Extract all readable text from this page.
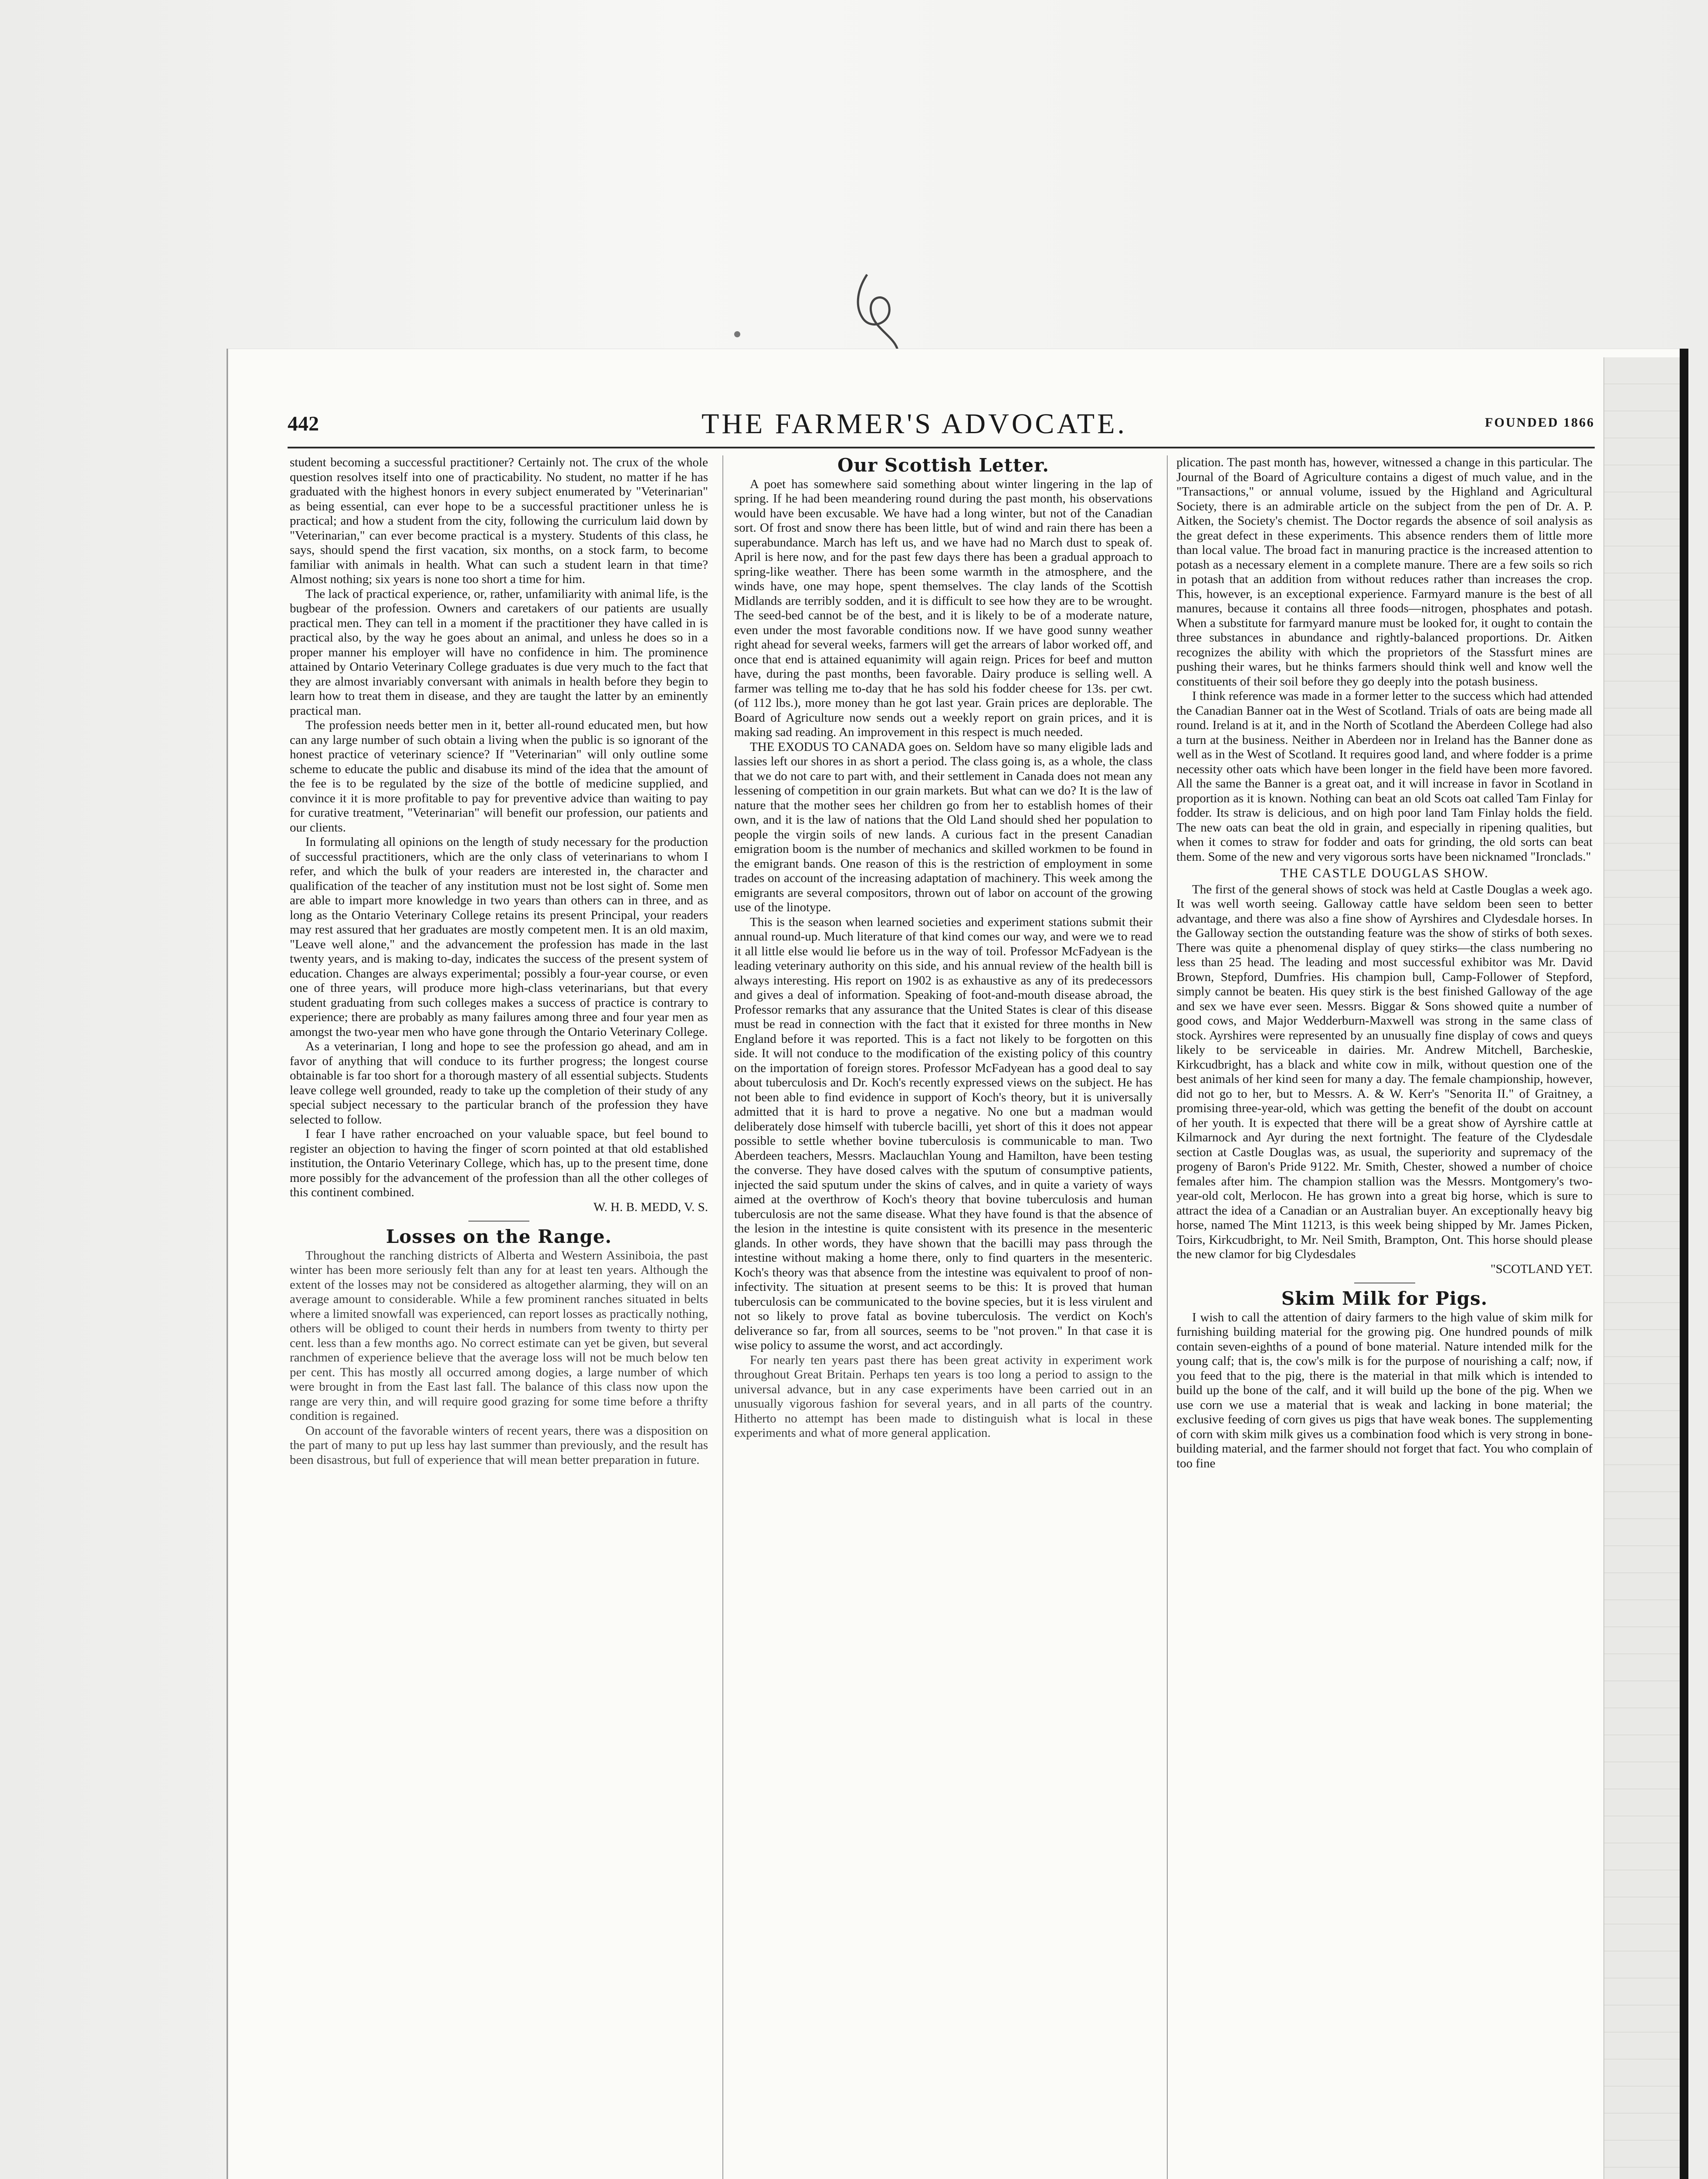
442	THE FARMER'S ADVOCATE.	FOUNDED 1866

student becoming a successful practitioner? Certainly not. The crux of the whole question resolves itself into one of practicability. No student, no matter if he has graduated with the highest honors in every subject enumerated by "Veterinarian" as being essential, can ever hope to be a successful practitioner unless he is practical; and how a student from the city, following the curriculum laid down by "Veterinarian," can ever become practical is a mystery. Students of this class, he says, should spend the first vacation, six months, on a stock farm, to become familiar with animals in health. What can such a student learn in that time? Almost nothing; six years is none too short a time for him.

The lack of practical experience, or, rather, unfamiliarity with animal life, is the bugbear of the profession. Owners and caretakers of our patients are usually practical men. They can tell in a moment if the practitioner they have called in is practical also, by the way he goes about an animal, and unless he does so in a proper manner his employer will have no confidence in him. The prominence attained by Ontario Veterinary College graduates is due very much to the fact that they are almost invariably conversant with animals in health before they begin to learn how to treat them in disease, and they are taught the latter by an eminently practical man.

The profession needs better men in it, better all-round educated men, but how can any large number of such obtain a living when the public is so ignorant of the honest practice of veterinary science? If "Veterinarian" will only outline some scheme to educate the public and disabuse its mind of the idea that the amount of the fee is to be regulated by the size of the bottle of medicine supplied, and convince it it is more profitable to pay for preventive advice than waiting to pay for curative treatment, "Veterinarian" will benefit our profession, our patients and our clients.

In formulating all opinions on the length of study necessary for the production of successful practitioners, which are the only class of veterinarians to whom I refer, and which the bulk of your readers are interested in, the character and qualification of the teacher of any institution must not be lost sight of. Some men are able to impart more knowledge in two years than others can in three, and as long as the Ontario Veterinary College retains its present Principal, your readers may rest assured that her graduates are mostly competent men. It is an old maxim, "Leave well alone," and the advancement the profession has made in the last twenty years, and is making to-day, indicates the success of the present system of education. Changes are always experimental; possibly a four-year course, or even one of three years, will produce more high-class veterinarians, but that every student graduating from such colleges makes a success of practice is contrary to experience; there are probably as many failures among three and four year men as amongst the two-year men who have gone through the Ontario Veterinary College.

As a veterinarian, I long and hope to see the profession go ahead, and am in favor of anything that will conduce to its further progress; the longest course obtainable is far too short for a thorough mastery of all essential subjects. Students leave college well grounded, ready to take up the completion of their study of any special subject necessary to the particular branch of the profession they have selected to follow.

I fear I have rather encroached on your valuable space, but feel bound to register an objection to having the finger of scorn pointed at that old established institution, the Ontario Veterinary College, which has, up to the present time, done more possibly for the advancement of the profession than all the other colleges of this continent combined.

W. H. B. MEDD, V. S.

Losses on the Range.

Throughout the ranching districts of Alberta and Western Assiniboia, the past winter has been more seriously felt than any for at least ten years. Although the extent of the losses may not be considered as altogether alarming, they will on an average amount to considerable. While a few prominent ranches situated in belts where a limited snowfall was experienced, can report losses as practically nothing, others will be obliged to count their herds in numbers from twenty to thirty per cent. less than a few months ago. No correct estimate can yet be given, but several ranchmen of experience believe that the average loss will not be much below ten per cent. This has mostly all occurred among dogies, a large number of which were brought in from the East last fall. The balance of this class now upon the range are very thin, and will require good grazing for some time before a thrifty condition is regained.

On account of the favorable winters of recent years, there was a disposition on the part of many to put up less hay last summer than previously, and the result has been disastrous, but full of experience that will mean better preparation in future.

Our Scottish Letter.

A poet has somewhere said something about winter lingering in the lap of spring. If he had been meandering round during the past month, his observations would have been excusable. We have had a long winter, but not of the Canadian sort. Of frost and snow there has been little, but of wind and rain there has been a superabundance. March has left us, and we have had no March dust to speak of. April is here now, and for the past few days there has been a gradual approach to spring-like weather. There has been some warmth in the atmosphere, and the winds have, one may hope, spent themselves. The clay lands of the Scottish Midlands are terribly sodden, and it is difficult to see how they are to be wrought. The seed-bed cannot be of the best, and it is likely to be of a moderate nature, even under the most favorable conditions now. If we have good sunny weather right ahead for several weeks, farmers will get the arrears of labor worked off, and once that end is attained equanimity will again reign. Prices for beef and mutton have, during the past months, been favorable. Dairy produce is selling well. A farmer was telling me to-day that he has sold his fodder cheese for 13s. per cwt. (of 112 lbs.), more money than he got last year. Grain prices are deplorable. The Board of Agriculture now sends out a weekly report on grain prices, and it is making sad reading. An improvement in this respect is much needed.

THE EXODUS TO CANADA goes on. Seldom have so many eligible lads and lassies left our shores in as short a period. The class going is, as a whole, the class that we do not care to part with, and their settlement in Canada does not mean any lessening of competition in our grain markets. But what can we do? It is the law of nature that the mother sees her children go from her to establish homes of their own, and it is the law of nations that the Old Land should shed her population to people the virgin soils of new lands. A curious fact in the present Canadian emigration boom is the number of mechanics and skilled workmen to be found in the emigrant bands. One reason of this is the restriction of employment in some trades on account of the increasing adaptation of machinery. This week among the emigrants are several compositors, thrown out of labor on account of the growing use of the linotype.

This is the season when learned societies and experiment stations submit their annual round-up. Much literature of that kind comes our way, and were we to read it all little else would lie before us in the way of toil. Professor McFadyean is the leading veterinary authority on this side, and his annual review of the health bill is always interesting. His report on 1902 is as exhaustive as any of its predecessors and gives a deal of information. Speaking of foot-and-mouth disease abroad, the Professor remarks that any assurance that the United States is clear of this disease must be read in connection with the fact that it existed for three months in New England before it was reported. This is a fact not likely to be forgotten on this side. It will not conduce to the modification of the existing policy of this country on the importation of foreign stores. Professor McFadyean has a good deal to say about tuberculosis and Dr. Koch's recently expressed views on the subject. He has not been able to find evidence in support of Koch's theory, but it is universally admitted that it is hard to prove a negative. No one but a madman would deliberately dose himself with tubercle bacilli, yet short of this it does not appear possible to settle whether bovine tuberculosis is communicable to man. Two Aberdeen teachers, Messrs. Maclauchlan Young and Hamilton, have been testing the converse. They have dosed calves with the sputum of consumptive patients, injected the said sputum under the skins of calves, and in quite a variety of ways aimed at the overthrow of Koch's theory that bovine tuberculosis and human tuberculosis are not the same disease. What they have found is that the absence of the lesion in the intestine is quite consistent with its presence in the mesenteric glands. In other words, they have shown that the bacilli may pass through the intestine without making a home there, only to find quarters in the mesenteric. Koch's theory was that absence from the intestine was equivalent to proof of non-infectivity. The situation at present seems to be this: It is proved that human tuberculosis can be communicated to the bovine species, but it is less virulent and not so likely to prove fatal as bovine tuberculosis. The verdict on Koch's deliverance so far, from all sources, seems to be "not proven." In that case it is wise policy to assume the worst, and act accordingly.

For nearly ten years past there has been great activity in experiment work throughout Great Britain. Perhaps ten years is too long a period to assign to the universal advance, but in any case experiments have been carried out in an unusually vigorous fashion for several years, and in all parts of the country. Hitherto no attempt has been made to distinguish what is local in these experiments and what of more general application.

plication. The past month has, however, witnessed a change in this particular. The Journal of the Board of Agriculture contains a digest of much value, and in the "Transactions," or annual volume, issued by the Highland and Agricultural Society, there is an admirable article on the subject from the pen of Dr. A. P. Aitken, the Society's chemist. The Doctor regards the absence of soil analysis as the great defect in these experiments. This absence renders them of little more than local value. The broad fact in manuring practice is the increased attention to potash as a necessary element in a complete manure. There are a few soils so rich in potash that an addition from without reduces rather than increases the crop. This, however, is an exceptional experience. Farmyard manure is the best of all manures, because it contains all three foods—nitrogen, phosphates and potash. When a substitute for farmyard manure must be looked for, it ought to contain the three substances in abundance and rightly-balanced proportions. Dr. Aitken recognizes the ability with which the proprietors of the Stassfurt mines are pushing their wares, but he thinks farmers should think well and know well the constituents of their soil before they go deeply into the potash business.

I think reference was made in a former letter to the success which had attended the Canadian Banner oat in the West of Scotland. Trials of oats are being made all round. Ireland is at it, and in the North of Scotland the Aberdeen College had also a turn at the business. Neither in Aberdeen nor in Ireland has the Banner done as well as in the West of Scotland. It requires good land, and where fodder is a prime necessity other oats which have been longer in the field have been more favored. All the same the Banner is a great oat, and it will increase in favor in Scotland in proportion as it is known. Nothing can beat an old Scots oat called Tam Finlay for fodder. Its straw is delicious, and on high poor land Tam Finlay holds the field. The new oats can beat the old in grain, and especially in ripening qualities, but when it comes to straw for fodder and oats for grinding, the old sorts can beat them. Some of the new and very vigorous sorts have been nicknamed "Ironclads."

THE CASTLE DOUGLAS SHOW.

The first of the general shows of stock was held at Castle Douglas a week ago. It was well worth seeing. Galloway cattle have seldom been seen to better advantage, and there was also a fine show of Ayrshires and Clydesdale horses. In the Galloway section the outstanding feature was the show of stirks of both sexes. There was quite a phenomenal display of quey stirks—the class numbering no less than 25 head. The leading and most successful exhibitor was Mr. David Brown, Stepford, Dumfries. His champion bull, Camp-Follower of Stepford, simply cannot be beaten. His quey stirk is the best finished Galloway of the age and sex we have ever seen. Messrs. Biggar & Sons showed quite a number of good cows, and Major Wedderburn-Maxwell was strong in the same class of stock. Ayrshires were represented by an unusually fine display of cows and queys likely to be serviceable in dairies. Mr. Andrew Mitchell, Barcheskie, Kirkcudbright, has a black and white cow in milk, without question one of the best animals of her kind seen for many a day. The female championship, however, did not go to her, but to Messrs. A. & W. Kerr's "Senorita II." of Graitney, a promising three-year-old, which was getting the benefit of the doubt on account of her youth. It is expected that there will be a great show of Ayrshire cattle at Kilmarnock and Ayr during the next fortnight. The feature of the Clydesdale section at Castle Douglas was, as usual, the superiority and supremacy of the progeny of Baron's Pride 9122. Mr. Smith, Chester, showed a number of choice females after him. The champion stallion was the Messrs. Montgomery's two-year-old colt, Merlocon. He has grown into a great big horse, which is sure to attract the idea of a Canadian or an Australian buyer. An exceptionally heavy big horse, named The Mint 11213, is this week being shipped by Mr. James Picken, Toirs, Kirkcudbright, to Mr. Neil Smith, Brampton, Ont. This horse should please the new clamor for big Clydesdales

"SCOTLAND YET.

Skim Milk for Pigs.

I wish to call the attention of dairy farmers to the high value of skim milk for furnishing building material for the growing pig. One hundred pounds of milk contain seven-eighths of a pound of bone material. Nature intended milk for the young calf; that is, the cow's milk is for the purpose of nourishing a calf; now, if you feed that to the pig, there is the material in that milk which is intended to build up the bone of the calf, and it will build up the bone of the pig. When we use corn we use a material that is weak and lacking in bone material; the exclusive feeding of corn gives us pigs that have weak bones. The supplementing of corn with skim milk gives us a combination food which is very strong in bone-building material, and the farmer should not forget that fact. You who complain of too fine
